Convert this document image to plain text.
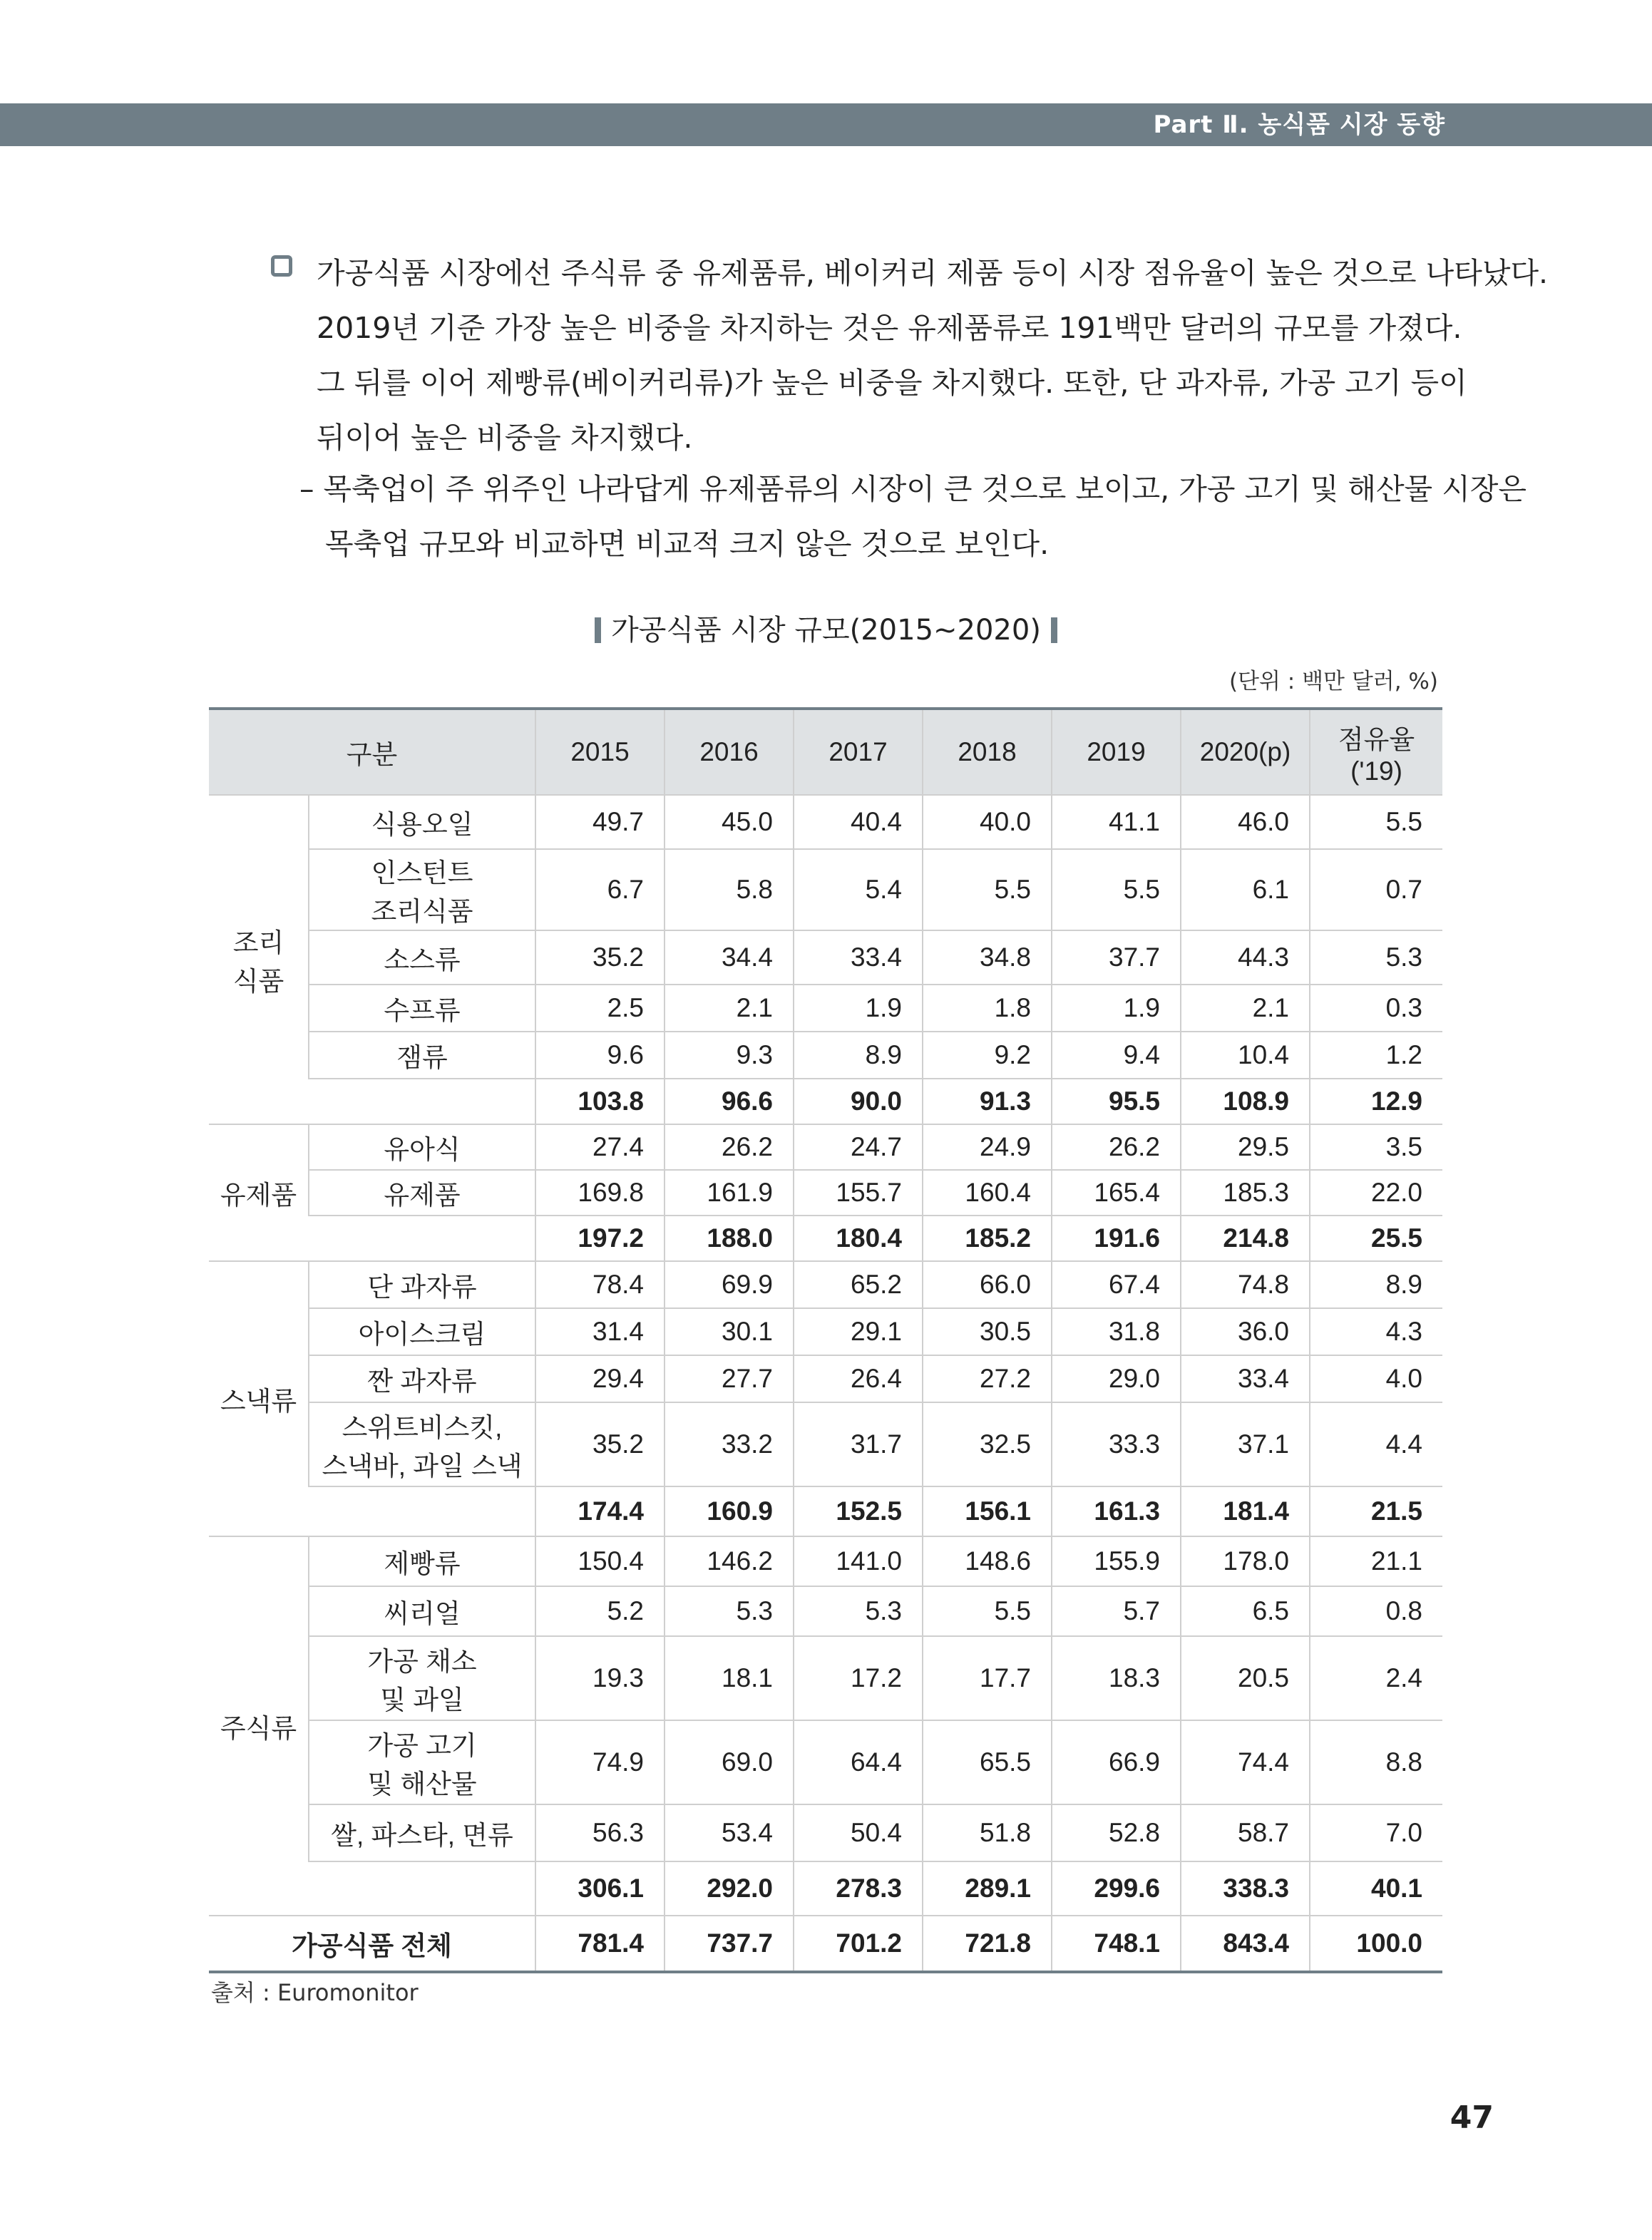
Part Ⅱ. 농식품 시장 동향
가공식품 시장에선 주식류 중 유제품류, 베이커리 제품 등이 시장 점유율이 높은 것으로 나타났다.
2019년 기준 가장 높은 비중을 차지하는 것은 유제품류로 191백만 달러의 규모를 가졌다.
그 뒤를 이어 제빵류(베이커리류)가 높은 비중을 차지했다. 또한, 단 과자류, 가공 고기 등이
뒤이어 높은 비중을 차지했다.
– 목축업이 주 위주인 나라답게 유제품류의 시장이 큰 것으로 보이고, 가공 고기 및 해산물 시장은
목축업 규모와 비교하면 비교적 크지 않은 것으로 보인다.
가공식품 시장 규모(2015~2020)
(단위 : 백만 달러, %)
구분		2015	2016	2017	2018	2019	2020(p)	점유율
('19)

조리
식품	식용오일	49.7	45.0	40.4	40.0	41.1	46.0	5.5

	인스턴트
조리식품	6.7	5.8	5.4	5.5	5.5	6.1	0.7

	소스류	35.2	34.4	33.4	34.8	37.7	44.3	5.3

	수프류	2.5	2.1	1.9	1.8	1.9	2.1	0.3

	잼류	9.6	9.3	8.9	9.2	9.4	10.4	1.2
		103.8	96.6	90.0	91.3	95.5	108.9	12.9

유제품	유아식	27.4	26.2	24.7	24.9	26.2	29.5	3.5

	유제품	169.8	161.9	155.7	160.4	165.4	185.3	22.0
		197.2	188.0	180.4	185.2	191.6	214.8	25.5

스낵류	단 과자류	78.4	69.9	65.2	66.0	67.4	74.8	8.9

	아이스크림	31.4	30.1	29.1	30.5	31.8	36.0	4.3

	짠 과자류	29.4	27.7	26.4	27.2	29.0	33.4	4.0

	스위트비스킷,
스낵바, 과일 스낵	35.2	33.2	31.7	32.5	33.3	37.1	4.4
		174.4	160.9	152.5	156.1	161.3	181.4	21.5

주식류	제빵류	150.4	146.2	141.0	148.6	155.9	178.0	21.1

	씨리얼	5.2	5.3	5.3	5.5	5.7	6.5	0.8

	가공 채소
및 과일	19.3	18.1	17.2	17.7	18.3	20.5	2.4

	가공 고기
및 해산물	74.9	69.0	64.4	65.5	66.9	74.4	8.8

	쌀, 파스타, 면류	56.3	53.4	50.4	51.8	52.8	58.7	7.0
		306.1	292.0	278.3	289.1	299.6	338.3	40.1
가공식품 전체		781.4	737.7	701.2	721.8	748.1	843.4	100.0
출처 : Euromonitor
47
